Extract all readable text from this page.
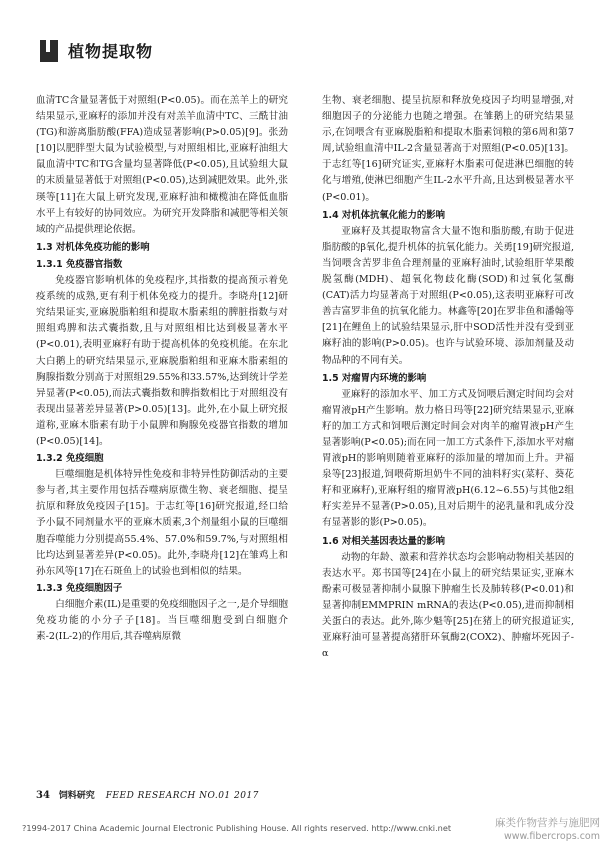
植物提取物

血清TC含量显著低于对照组(P<0.05)。而在羔羊上的研究结果显示,亚麻籽的添加并没有对羔羊血清中TC、三酰甘油(TG)和游离脂肪酸(FFA)造成显著影响(P>0.05)[9]。张劲[10]以肥胖型大鼠为试验模型,与对照组相比,亚麻籽油组大鼠血清中TC和TG含量均显著降低(P<0.05),且试验组大鼠的末质量显著低于对照组(P<0.05),达到减肥效果。此外,张瑛等[11]在大鼠上研究发现,亚麻籽油和橄榄油在降低血脂水平上有较好的协同效应。为研究开发降脂和减肥等相关领域的产品提供理论依据。

1.3 对机体免疫功能的影响

1.3.1 免疫器官指数

免疫器官影响机体的免疫程序,其指数的提高预示着免疫系统的成熟,更有利于机体免疫力的提升。李晓舟[12]研究结果证实,亚麻脱脂粕组和提取木脂素组的脾脏指数与对照组鸡脾和法式囊指数,且与对照组相比达到极显著水平(P<0.01),表明亚麻籽有助于提高机体的免疫机能。在东北大白鹅上的研究结果显示,亚麻脱脂粕组和亚麻木脂素组的胸腺指数分别高于对照组29.55%和33.57%,达到统计学差异显著(P<0.05),而法式囊指数和脾指数相比于对照组没有表现出显著差异显著(P>0.05)[13]。此外,在小鼠上研究报道称,亚麻木脂素有助于小鼠脾和胸腺免疫器官指数的增加(P<0.05)[14]。

1.3.2 免疫细胞

巨噬细胞是机体特异性免疫和非特异性防御活动的主要参与者,其主要作用包括吞噬病原微生物、衰老细胞、提呈抗原和释放免疫因子[15]。于志红等[16]研究报道,经口给予小鼠不同剂量水平的亚麻木质素,3个剂量组小鼠的巨噬细胞吞噬能力分别提高55.4%、57.0%和59.7%,与对照组相比均达到显著差异(P<0.05)。此外,李晓舟[12]在雏鸡上和孙东风等[17]在石斑鱼上的试验也到相似的结果。

1.3.3 免疫细胞因子

白细胞介素(IL)是重要的免疫细胞因子之一,是介导细胞免疫功能的小分子子[18]。当巨噬细胞受到白细胞介素-2(IL-2)的作用后,其吞噬病原微

生物、衰老细胞、提呈抗原和释放免疫因子均明显增强,对细胞因子的分泌能力也随之增强。在雏鹅上的研究结果显示,在饲喂含有亚麻脱脂粕和提取木脂素饲粮的第6周和第7周,试验组血清中IL-2含量显著高于对照组(P<0.05)[13]。于志红等[16]研究证实,亚麻籽木脂素可促进淋巴细胞的转化与增殖,使淋巴细胞产生IL-2水平升高,且达到极显著水平(P<0.01)。

1.4 对机体抗氧化能力的影响

亚麻籽及其提取物富含大量不饱和脂肪酸,有助于促进脂肪酸的β氧化,提升机体的抗氧化能力。关勇[19]研究报道,当饲喂含苦罗非鱼合理剂量的亚麻籽油时,试验组肝苹果酸脱氢酶(MDH)、超氧化物歧化酶(SOD)和过氧化氢酶(CAT)活力均显著高于对照组(P<0.05),这表明亚麻籽可改善吉富罗非鱼的抗氧化能力。林鑫等[20]在罗非鱼和潘翰等[21]在鲤鱼上的试验结果显示,肝中SOD活性并没有受到亚麻籽油的影响(P>0.05)。也许与试验环境、添加剂量及动物品种的不同有关。

1.5 对瘤胃内环境的影响

亚麻籽的添加水平、加工方式及饲喂后测定时间均会对瘤胃液pH产生影响。敖力格日玛等[22]研究结果显示,亚麻籽的加工方式和饲喂后测定时间会对肉羊的瘤胃液pH产生显著影响(P<0.05);而在同一加工方式条件下,添加水平对瘤胃液pH的影响则随着亚麻籽的添加量的增加而上升。尹福泉等[23]报道,饲喂荷斯坦奶牛不同的油料籽实(菜籽、葵花籽和亚麻籽),亚麻籽组的瘤胃液pH(6.12~6.55)与其他2组籽实差异不显著(P>0.05),且对后期牛的泌乳量和乳成分没有显著影的影(P>0.05)。

1.6 对相关基因表达量的影响

动物的年龄、激素和营养状态均会影响动物相关基因的表达水平。郑书国等[24]在小鼠上的研究结果证实,亚麻木酚素可极显著抑制小鼠腺下肿瘤生长及肺转移(P<0.01)和显著抑制EMMPRIN mRNA的表达(P<0.05),进而抑制相关蛋白的表达。此外,陈少魁等[25]在猪上的研究报道证实,亚麻籽油可显著提高猪肝环氧酶2(COX2)、肿瘤坏死因子-α

34 饲料研究 FEED RESEARCH NO.01 2017
?1994-2017 China Academic Journal Electronic Publishing House. All rights reserved. http://www.cnki.net	麻类作物营养与施肥网
www.fibercrops.com
